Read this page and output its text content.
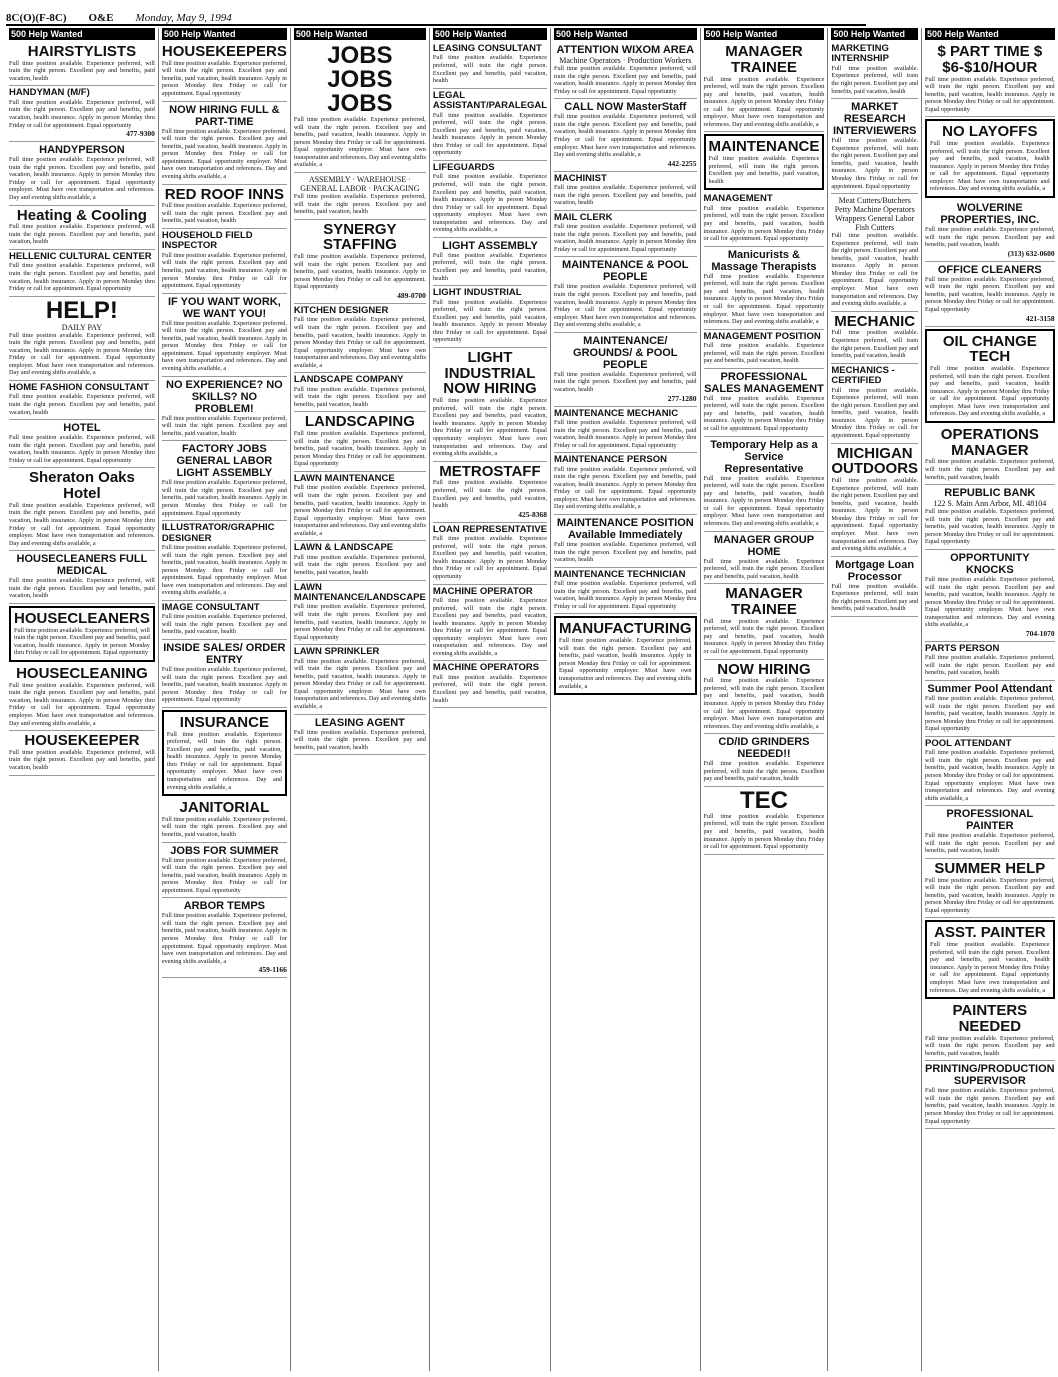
8C(O)(F-8C) O&E Monday, May 9, 1994
500 Help Wanted
HAIRSTYLISTS
Full time position available. Experience preferred, will train the right person. Excellent pay and benefits, paid vacation, health
HANDYMAN (M/F)
Full time position available. Experience preferred, will train the right person. Excellent pay and benefits, paid vacation, health insurance. Apply in person Monday thru Friday or call for appointment. Equal opportunity
477-9300
HANDYPERSON
Full time position available. Experience preferred, will train the right person. Excellent pay and benefits, paid vacation, health insurance. Apply in person Monday thru Friday or call for appointment. Equal opportunity employer. Must have own transportation and references. Day and evening shifts available, a
Heating & Cooling
Full time position available. Experience preferred, will train the right person. Excellent pay and benefits, paid vacation, health
HELLENIC CULTURAL CENTER
Full time position available. Experience preferred, will train the right person. Excellent pay and benefits, paid vacation, health insurance. Apply in person Monday thru Friday or call for appointment. Equal opportunity
HELP!
DAILY PAY
Full time position available. Experience preferred, will train the right person. Excellent pay and benefits, paid vacation, health insurance. Apply in person Monday thru Friday or call for appointment. Equal opportunity employer. Must have own transportation and references. Day and evening shifts available, a
HOME FASHION CONSULTANT
Full time position available. Experience preferred, will train the right person. Excellent pay and benefits, paid vacation, health
HOTEL
Full time position available. Experience preferred, will train the right person. Excellent pay and benefits, paid vacation, health insurance. Apply in person Monday thru Friday or call for appointment. Equal opportunity
Sheraton Oaks Hotel
Full time position available. Experience preferred, will train the right person. Excellent pay and benefits, paid vacation, health insurance. Apply in person Monday thru Friday or call for appointment. Equal opportunity employer. Must have own transportation and references. Day and evening shifts available, a
HOUSECLEANERS FULL MEDICAL
Full time position available. Experience preferred, will train the right person. Excellent pay and benefits, paid vacation, health
HOUSECLEANERS
Full time position available. Experience preferred, will train the right person. Excellent pay and benefits, paid vacation, health insurance. Apply in person Monday thru Friday or call for appointment. Equal opportunity
HOUSECLEANING
Full time position available. Experience preferred, will train the right person. Excellent pay and benefits, paid vacation, health insurance. Apply in person Monday thru Friday or call for appointment. Equal opportunity employer. Must have own transportation and references. Day and evening shifts available, a
HOUSEKEEPER
Full time position available. Experience preferred, will train the right person. Excellent pay and benefits, paid vacation, health
500 Help Wanted
HOUSEKEEPERS
Full time position available. Experience preferred, will train the right person. Excellent pay and benefits, paid vacation, health insurance. Apply in person Monday thru Friday or call for appointment. Equal opportunity
NOW HIRING FULL & PART-TIME
Full time position available. Experience preferred, will train the right person. Excellent pay and benefits, paid vacation, health insurance. Apply in person Monday thru Friday or call for appointment. Equal opportunity employer. Must have own transportation and references. Day and evening shifts available, a
RED ROOF INNS
Full time position available. Experience preferred, will train the right person. Excellent pay and benefits, paid vacation, health
HOUSEHOLD FIELD INSPECTOR
Full time position available. Experience preferred, will train the right person. Excellent pay and benefits, paid vacation, health insurance. Apply in person Monday thru Friday or call for appointment. Equal opportunity
IF YOU WANT WORK, WE WANT YOU!
Full time position available. Experience preferred, will train the right person. Excellent pay and benefits, paid vacation, health insurance. Apply in person Monday thru Friday or call for appointment. Equal opportunity employer. Must have own transportation and references. Day and evening shifts available, a
NO EXPERIENCE? NO SKILLS? NO PROBLEM!
Full time position available. Experience preferred, will train the right person. Excellent pay and benefits, paid vacation, health
FACTORY JOBS GENERAL LABOR LIGHT ASSEMBLY
Full time position available. Experience preferred, will train the right person. Excellent pay and benefits, paid vacation, health insurance. Apply in person Monday thru Friday or call for appointment. Equal opportunity
ILLUSTRATOR/GRAPHIC DESIGNER
Full time position available. Experience preferred, will train the right person. Excellent pay and benefits, paid vacation, health insurance. Apply in person Monday thru Friday or call for appointment. Equal opportunity employer. Must have own transportation and references. Day and evening shifts available, a
IMAGE CONSULTANT
Full time position available. Experience preferred, will train the right person. Excellent pay and benefits, paid vacation, health
INSIDE SALES/ ORDER ENTRY
Full time position available. Experience preferred, will train the right person. Excellent pay and benefits, paid vacation, health insurance. Apply in person Monday thru Friday or call for appointment. Equal opportunity
INSURANCE
Full time position available. Experience preferred, will train the right person. Excellent pay and benefits, paid vacation, health insurance. Apply in person Monday thru Friday or call for appointment. Equal opportunity employer. Must have own transportation and references. Day and evening shifts available, a
JANITORIAL
Full time position available. Experience preferred, will train the right person. Excellent pay and benefits, paid vacation, health
JOBS FOR SUMMER
Full time position available. Experience preferred, will train the right person. Excellent pay and benefits, paid vacation, health insurance. Apply in person Monday thru Friday or call for appointment. Equal opportunity
ARBOR TEMPS
Full time position available. Experience preferred, will train the right person. Excellent pay and benefits, paid vacation, health insurance. Apply in person Monday thru Friday or call for appointment. Equal opportunity employer. Must have own transportation and references. Day and evening shifts available, a
459-1166
500 Help Wanted
JOBS JOBS JOBS
Full time position available. Experience preferred, will train the right person. Excellent pay and benefits, paid vacation, health insurance. Apply in person Monday thru Friday or call for appointment. Equal opportunity employer. Must have own transportation and references. Day and evening shifts available, a
ASSEMBLY · WAREHOUSE · GENERAL LABOR · PACKAGING
Full time position available. Experience preferred, will train the right person. Excellent pay and benefits, paid vacation, health
SYNERGY STAFFING
Full time position available. Experience preferred, will train the right person. Excellent pay and benefits, paid vacation, health insurance. Apply in person Monday thru Friday or call for appointment. Equal opportunity
489-0700
KITCHEN DESIGNER
Full time position available. Experience preferred, will train the right person. Excellent pay and benefits, paid vacation, health insurance. Apply in person Monday thru Friday or call for appointment. Equal opportunity employer. Must have own transportation and references. Day and evening shifts available, a
LANDSCAPE COMPANY
Full time position available. Experience preferred, will train the right person. Excellent pay and benefits, paid vacation, health
LANDSCAPING
Full time position available. Experience preferred, will train the right person. Excellent pay and benefits, paid vacation, health insurance. Apply in person Monday thru Friday or call for appointment. Equal opportunity
LAWN MAINTENANCE
Full time position available. Experience preferred, will train the right person. Excellent pay and benefits, paid vacation, health insurance. Apply in person Monday thru Friday or call for appointment. Equal opportunity employer. Must have own transportation and references. Day and evening shifts available, a
LAWN & LANDSCAPE
Full time position available. Experience preferred, will train the right person. Excellent pay and benefits, paid vacation, health
LAWN MAINTENANCE/LANDSCAPE
Full time position available. Experience preferred, will train the right person. Excellent pay and benefits, paid vacation, health insurance. Apply in person Monday thru Friday or call for appointment. Equal opportunity
LAWN SPRINKLER
Full time position available. Experience preferred, will train the right person. Excellent pay and benefits, paid vacation, health insurance. Apply in person Monday thru Friday or call for appointment. Equal opportunity employer. Must have own transportation and references. Day and evening shifts available, a
LEASING AGENT
Full time position available. Experience preferred, will train the right person. Excellent pay and benefits, paid vacation, health
500 Help Wanted
LEASING CONSULTANT
Full time position available. Experience preferred, will train the right person. Excellent pay and benefits, paid vacation, health
LEGAL ASSISTANT/PARALEGAL
Full time position available. Experience preferred, will train the right person. Excellent pay and benefits, paid vacation, health insurance. Apply in person Monday thru Friday or call for appointment. Equal opportunity
LIFEGUARDS
Full time position available. Experience preferred, will train the right person. Excellent pay and benefits, paid vacation, health insurance. Apply in person Monday thru Friday or call for appointment. Equal opportunity employer. Must have own transportation and references. Day and evening shifts available, a
LIGHT ASSEMBLY
Full time position available. Experience preferred, will train the right person. Excellent pay and benefits, paid vacation, health
LIGHT INDUSTRIAL
Full time position available. Experience preferred, will train the right person. Excellent pay and benefits, paid vacation, health insurance. Apply in person Monday thru Friday or call for appointment. Equal opportunity
LIGHT INDUSTRIAL NOW HIRING
Full time position available. Experience preferred, will train the right person. Excellent pay and benefits, paid vacation, health insurance. Apply in person Monday thru Friday or call for appointment. Equal opportunity employer. Must have own transportation and references. Day and evening shifts available, a
METROSTAFF
Full time position available. Experience preferred, will train the right person. Excellent pay and benefits, paid vacation, health
425-8368
LOAN REPRESENTATIVE
Full time position available. Experience preferred, will train the right person. Excellent pay and benefits, paid vacation, health insurance. Apply in person Monday thru Friday or call for appointment. Equal opportunity
MACHINE OPERATOR
Full time position available. Experience preferred, will train the right person. Excellent pay and benefits, paid vacation, health insurance. Apply in person Monday thru Friday or call for appointment. Equal opportunity employer. Must have own transportation and references. Day and evening shifts available, a
MACHINE OPERATORS
Full time position available. Experience preferred, will train the right person. Excellent pay and benefits, paid vacation, health
500 Help Wanted
ATTENTION WIXOM AREA
Machine Operators · Production Workers
Full time position available. Experience preferred, will train the right person. Excellent pay and benefits, paid vacation, health insurance. Apply in person Monday thru Friday or call for appointment. Equal opportunity
CALL NOW MasterStaff
Full time position available. Experience preferred, will train the right person. Excellent pay and benefits, paid vacation, health insurance. Apply in person Monday thru Friday or call for appointment. Equal opportunity employer. Must have own transportation and references. Day and evening shifts available, a
442-2255
MACHINIST
Full time position available. Experience preferred, will train the right person. Excellent pay and benefits, paid vacation, health
MAIL CLERK
Full time position available. Experience preferred, will train the right person. Excellent pay and benefits, paid vacation, health insurance. Apply in person Monday thru Friday or call for appointment. Equal opportunity
MAINTENANCE & POOL PEOPLE
Full time position available. Experience preferred, will train the right person. Excellent pay and benefits, paid vacation, health insurance. Apply in person Monday thru Friday or call for appointment. Equal opportunity employer. Must have own transportation and references. Day and evening shifts available, a
MAINTENANCE/ GROUNDS/ & POOL PEOPLE
Full time position available. Experience preferred, will train the right person. Excellent pay and benefits, paid vacation, health
277-1280
MAINTENANCE MECHANIC
Full time position available. Experience preferred, will train the right person. Excellent pay and benefits, paid vacation, health insurance. Apply in person Monday thru Friday or call for appointment. Equal opportunity
MAINTENANCE PERSON
Full time position available. Experience preferred, will train the right person. Excellent pay and benefits, paid vacation, health insurance. Apply in person Monday thru Friday or call for appointment. Equal opportunity employer. Must have own transportation and references. Day and evening shifts available, a
MAINTENANCE POSITION Available Immediately
Full time position available. Experience preferred, will train the right person. Excellent pay and benefits, paid vacation, health
MAINTENANCE TECHNICIAN
Full time position available. Experience preferred, will train the right person. Excellent pay and benefits, paid vacation, health insurance. Apply in person Monday thru Friday or call for appointment. Equal opportunity
MANUFACTURING
Full time position available. Experience preferred, will train the right person. Excellent pay and benefits, paid vacation, health insurance. Apply in person Monday thru Friday or call for appointment. Equal opportunity employer. Must have own transportation and references. Day and evening shifts available, a
500 Help Wanted
MANAGER TRAINEE
Full time position available. Experience preferred, will train the right person. Excellent pay and benefits, paid vacation, health insurance. Apply in person Monday thru Friday or call for appointment. Equal opportunity employer. Must have own transportation and references. Day and evening shifts available, a
MAINTENANCE
Full time position available. Experience preferred, will train the right person. Excellent pay and benefits, paid vacation, health
MANAGEMENT
Full time position available. Experience preferred, will train the right person. Excellent pay and benefits, paid vacation, health insurance. Apply in person Monday thru Friday or call for appointment. Equal opportunity
Manicurists & Massage Therapists
Full time position available. Experience preferred, will train the right person. Excellent pay and benefits, paid vacation, health insurance. Apply in person Monday thru Friday or call for appointment. Equal opportunity employer. Must have own transportation and references. Day and evening shifts available, a
MANAGEMENT POSITION
Full time position available. Experience preferred, will train the right person. Excellent pay and benefits, paid vacation, health
PROFESSIONAL SALES MANAGEMENT
Full time position available. Experience preferred, will train the right person. Excellent pay and benefits, paid vacation, health insurance. Apply in person Monday thru Friday or call for appointment. Equal opportunity
Temporary Help as a Service Representative
Full time position available. Experience preferred, will train the right person. Excellent pay and benefits, paid vacation, health insurance. Apply in person Monday thru Friday or call for appointment. Equal opportunity employer. Must have own transportation and references. Day and evening shifts available, a
MANAGER GROUP HOME
Full time position available. Experience preferred, will train the right person. Excellent pay and benefits, paid vacation, health
MANAGER TRAINEE
Full time position available. Experience preferred, will train the right person. Excellent pay and benefits, paid vacation, health insurance. Apply in person Monday thru Friday or call for appointment. Equal opportunity
NOW HIRING
Full time position available. Experience preferred, will train the right person. Excellent pay and benefits, paid vacation, health insurance. Apply in person Monday thru Friday or call for appointment. Equal opportunity employer. Must have own transportation and references. Day and evening shifts available, a
CD/ID GRINDERS NEEDED!!
Full time position available. Experience preferred, will train the right person. Excellent pay and benefits, paid vacation, health
TEC
Full time position available. Experience preferred, will train the right person. Excellent pay and benefits, paid vacation, health insurance. Apply in person Monday thru Friday or call for appointment. Equal opportunity
500 Help Wanted
MARKETING INTERNSHIP
Full time position available. Experience preferred, will train the right person. Excellent pay and benefits, paid vacation, health
MARKET RESEARCH INTERVIEWERS
Full time position available. Experience preferred, will train the right person. Excellent pay and benefits, paid vacation, health insurance. Apply in person Monday thru Friday or call for appointment. Equal opportunity
Meat Cutters/Butchers Petty Machine Operators Wrappers General Labor Fish Cutters
Full time position available. Experience preferred, will train the right person. Excellent pay and benefits, paid vacation, health insurance. Apply in person Monday thru Friday or call for appointment. Equal opportunity employer. Must have own transportation and references. Day and evening shifts available, a
MECHANIC
Full time position available. Experience preferred, will train the right person. Excellent pay and benefits, paid vacation, health
MECHANICS - CERTIFIED
Full time position available. Experience preferred, will train the right person. Excellent pay and benefits, paid vacation, health insurance. Apply in person Monday thru Friday or call for appointment. Equal opportunity
MICHIGAN OUTDOORS
Full time position available. Experience preferred, will train the right person. Excellent pay and benefits, paid vacation, health insurance. Apply in person Monday thru Friday or call for appointment. Equal opportunity employer. Must have own transportation and references. Day and evening shifts available, a
Mortgage Loan Processor
Full time position available. Experience preferred, will train the right person. Excellent pay and benefits, paid vacation, health
500 Help Wanted
$ PART TIME $ $6-$10/HOUR
Full time position available. Experience preferred, will train the right person. Excellent pay and benefits, paid vacation, health insurance. Apply in person Monday thru Friday or call for appointment. Equal opportunity
NO LAYOFFS
Full time position available. Experience preferred, will train the right person. Excellent pay and benefits, paid vacation, health insurance. Apply in person Monday thru Friday or call for appointment. Equal opportunity employer. Must have own transportation and references. Day and evening shifts available, a
WOLVERINE PROPERTIES, INC.
Full time position available. Experience preferred, will train the right person. Excellent pay and benefits, paid vacation, health
(313) 632-0600
OFFICE CLEANERS
Full time position available. Experience preferred, will train the right person. Excellent pay and benefits, paid vacation, health insurance. Apply in person Monday thru Friday or call for appointment. Equal opportunity
421-3158
OIL CHANGE TECH
Full time position available. Experience preferred, will train the right person. Excellent pay and benefits, paid vacation, health insurance. Apply in person Monday thru Friday or call for appointment. Equal opportunity employer. Must have own transportation and references. Day and evening shifts available, a
OPERATIONS MANAGER
Full time position available. Experience preferred, will train the right person. Excellent pay and benefits, paid vacation, health
REPUBLIC BANK
122 S. Main Ann Arbor, MI. 48104
Full time position available. Experience preferred, will train the right person. Excellent pay and benefits, paid vacation, health insurance. Apply in person Monday thru Friday or call for appointment. Equal opportunity
OPPORTUNITY KNOCKS
Full time position available. Experience preferred, will train the right person. Excellent pay and benefits, paid vacation, health insurance. Apply in person Monday thru Friday or call for appointment. Equal opportunity employer. Must have own transportation and references. Day and evening shifts available, a
704-1070
PARTS PERSON
Full time position available. Experience preferred, will train the right person. Excellent pay and benefits, paid vacation, health
Summer Pool Attendant
Full time position available. Experience preferred, will train the right person. Excellent pay and benefits, paid vacation, health insurance. Apply in person Monday thru Friday or call for appointment. Equal opportunity
POOL ATTENDANT
Full time position available. Experience preferred, will train the right person. Excellent pay and benefits, paid vacation, health insurance. Apply in person Monday thru Friday or call for appointment. Equal opportunity employer. Must have own transportation and references. Day and evening shifts available, a
PROFESSIONAL PAINTER
Full time position available. Experience preferred, will train the right person. Excellent pay and benefits, paid vacation, health
SUMMER HELP
Full time position available. Experience preferred, will train the right person. Excellent pay and benefits, paid vacation, health insurance. Apply in person Monday thru Friday or call for appointment. Equal opportunity
ASST. PAINTER
Full time position available. Experience preferred, will train the right person. Excellent pay and benefits, paid vacation, health insurance. Apply in person Monday thru Friday or call for appointment. Equal opportunity employer. Must have own transportation and references. Day and evening shifts available, a
PAINTERS NEEDED
Full time position available. Experience preferred, will train the right person. Excellent pay and benefits, paid vacation, health
PRINTING/PRODUCTION SUPERVISOR
Full time position available. Experience preferred, will train the right person. Excellent pay and benefits, paid vacation, health insurance. Apply in person Monday thru Friday or call for appointment. Equal opportunity
